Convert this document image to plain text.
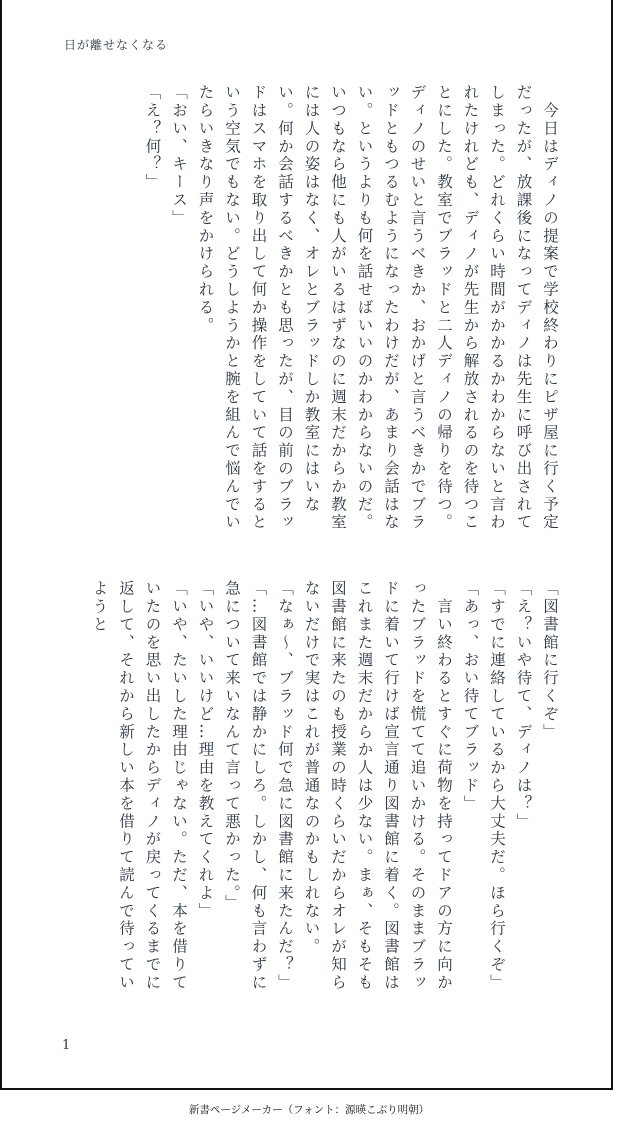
日が離せなくなる

　今日はディノの提案で学校終わりにピザ屋に行く予定だったが、放課後になってディノは先生に呼び出されてしまった。どれくらい時間がかかるかわからないと言われたけれども、ディノが先生から解放されるのを待つことにした。教室でブラッドと二人ディノの帰りを待つ。ディノのせいと言うべきか、おかげと言うべきかでブラッドともつるむようになったわけだが、あまり会話はない。というよりも何を話せばいいのかわからないのだ。いつもなら他にも人がいるはずなのに週末だからか教室には人の姿はなく、オレとブラッドしか教室にはいない。何か会話するべきかとも思ったが、目の前のブラッドはスマホを取り出して何か操作をしていて話をするという空気でもない。どうしようかと腕を組んで悩んでいたらいきなり声をかけられる。

「おい、キース」

「え？何？」

「図書館に行くぞ」

「え？いや待て、ディノは？」

「すでに連絡しているから大丈夫だ。ほら行くぞ」

「あっ、おい待てブラッド」

　言い終わるとすぐに荷物を持ってドアの方に向かったブラッドを慌てて追いかける。そのままブラッドに着いて行けば宣言通り図書館に着く。図書館はこれまた週末だからか人は少ない。まぁ、そもそも図書館に来たのも授業の時くらいだからオレが知らないだけで実はこれが普通なのかもしれない。

「なぁ〜、ブラッド何で急に図書館に来たんだ？」

「…図書館では静かにしろ。しかし、何も言わずに急について来いなんて言って悪かった。」

「いや、いいけど…理由を教えてくれよ」

「いや、たいした理由じゃない。ただ、本を借りていたのを思い出したからディノが戻ってくるまでに返して、それから新しい本を借りて読んで待っていようと

1
新書ページメーカー（フォント：源暎こぶり明朝）
